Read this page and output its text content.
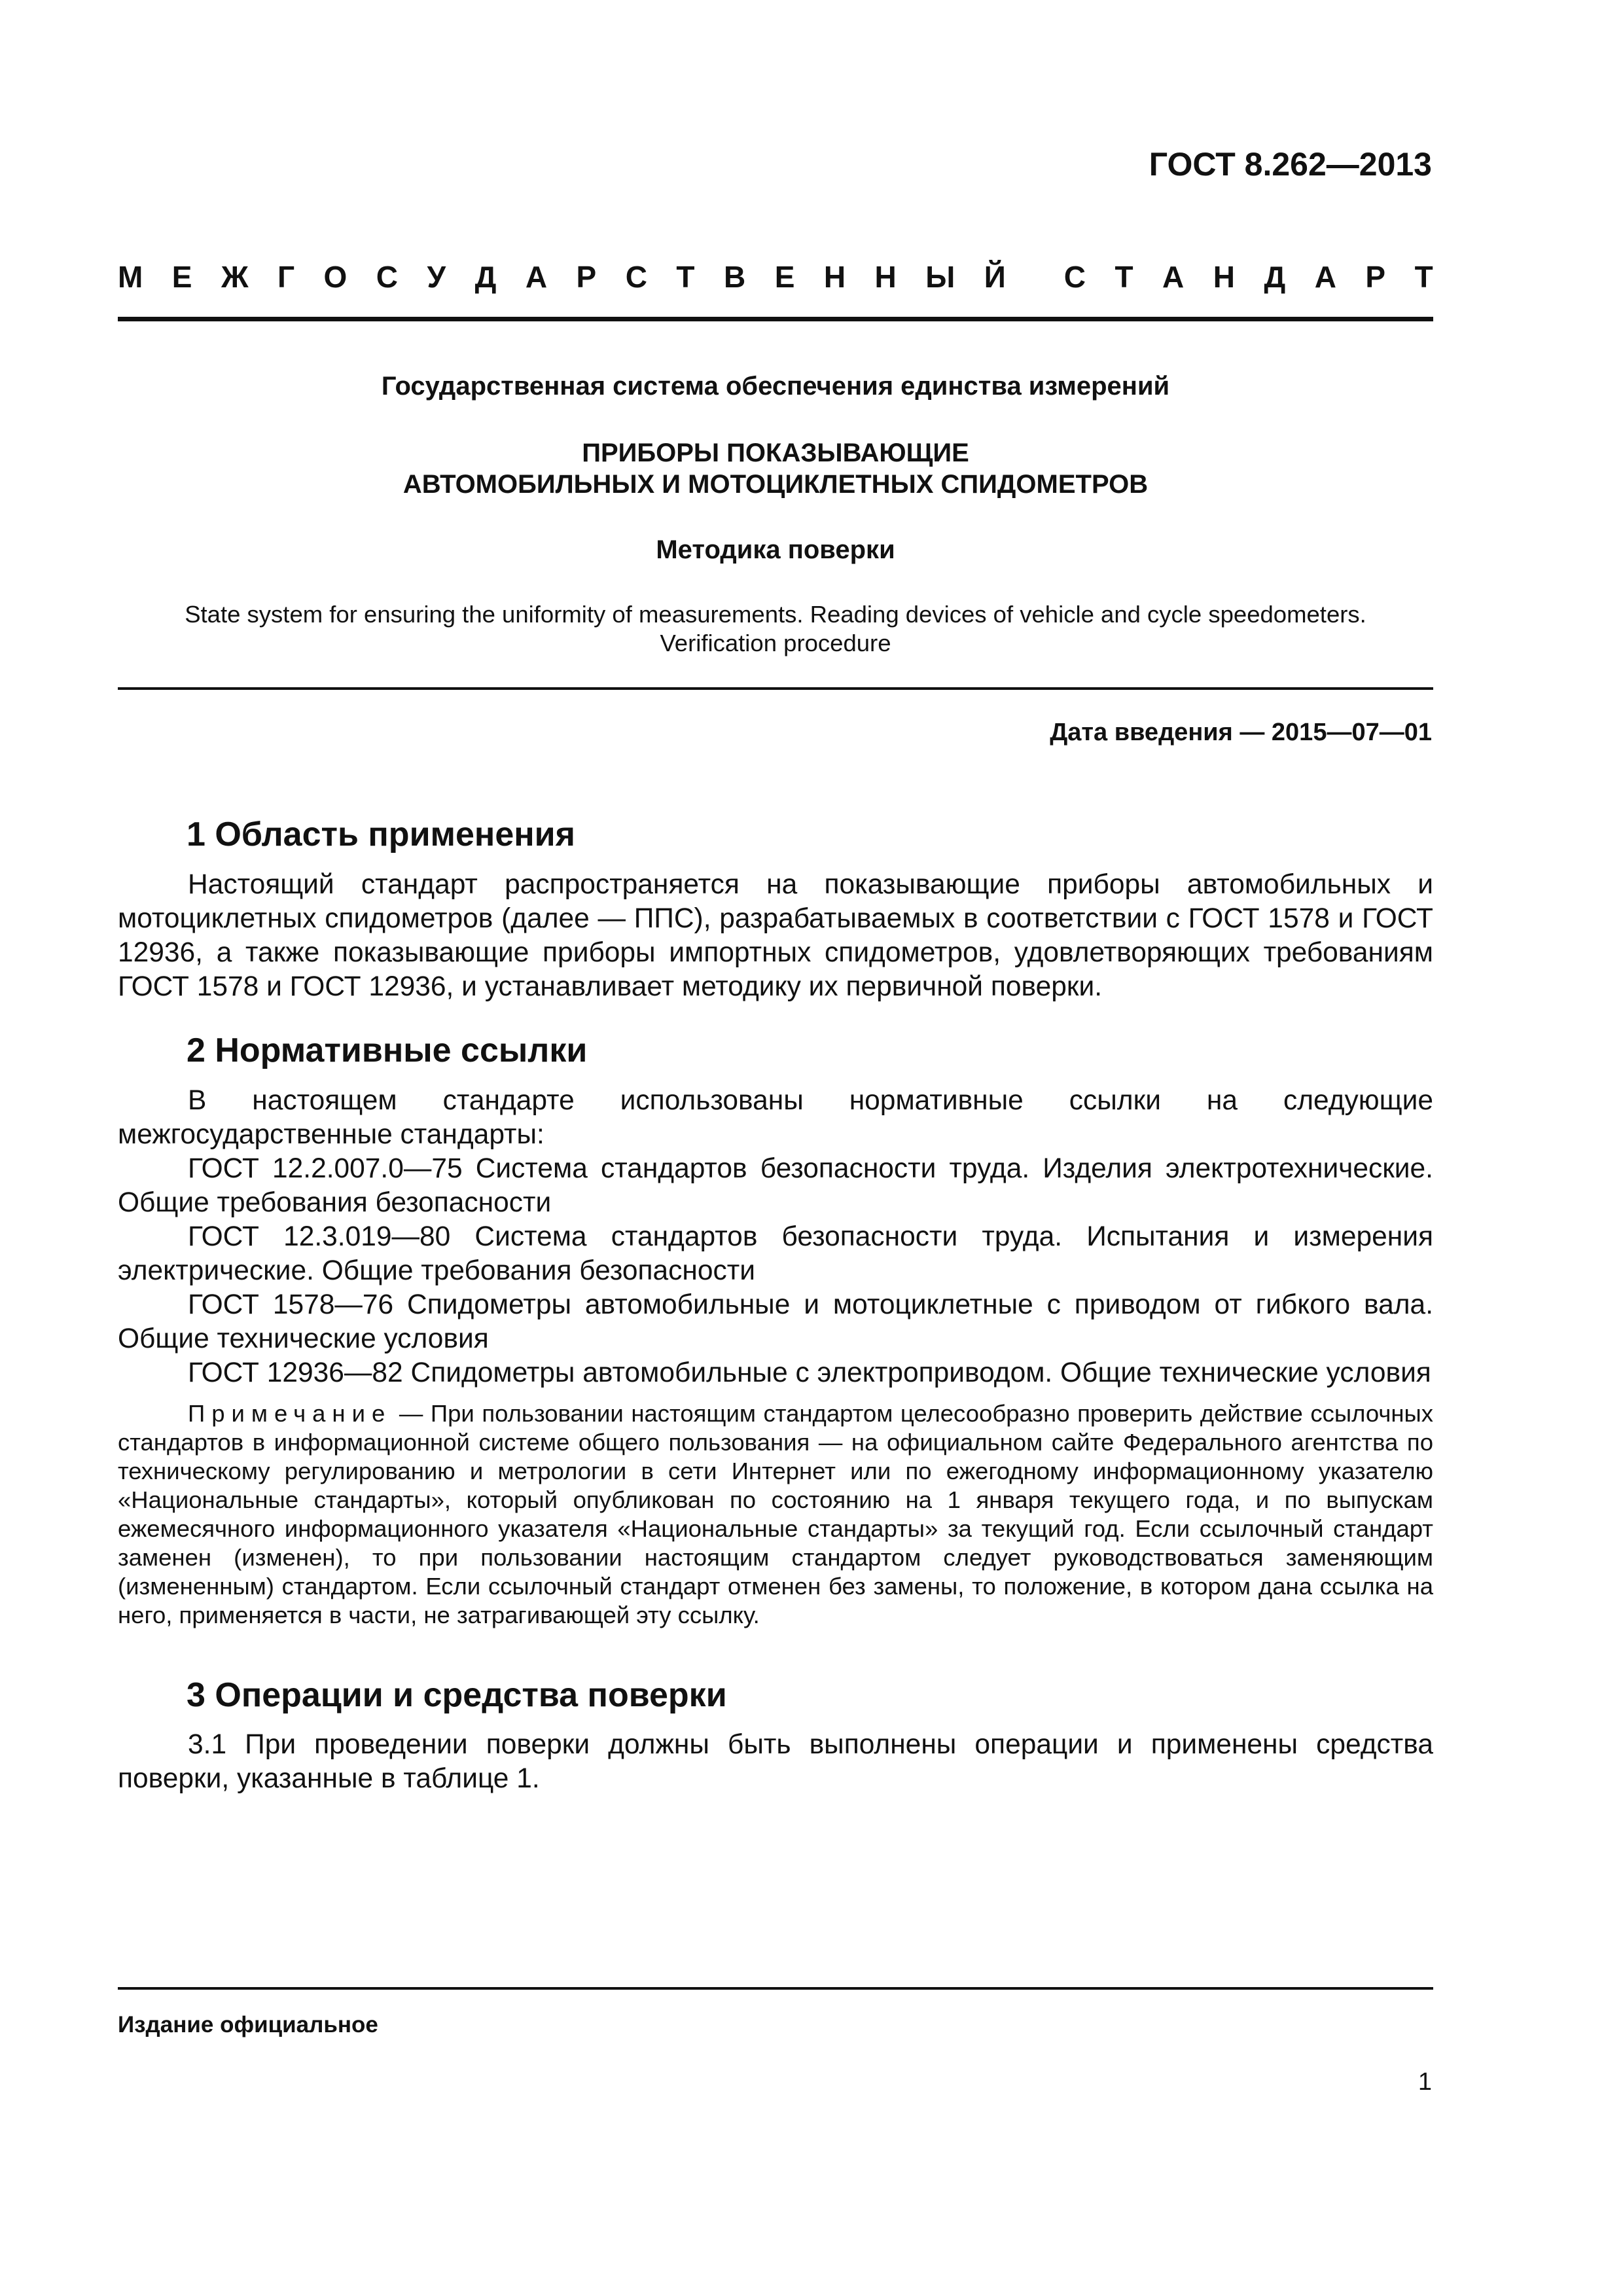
ГОСТ 8.262—2013
М Е Ж Г О С У Д А Р С Т В Е Н Н Ы Й С Т А Н Д А Р Т
Государственная система обеспечения единства измерений
ПРИБОРЫ ПОКАЗЫВАЮЩИЕ
АВТОМОБИЛЬНЫХ И МОТОЦИКЛЕТНЫХ СПИДОМЕТРОВ
Методика поверки
State system for ensuring the uniformity of measurements. Reading devices of vehicle and cycle speedometers.
Verification procedure
Дата введения — 2015—07—01
1 Область применения
Настоящий стандарт распространяется на показывающие приборы автомобильных и мотоциклетных спидометров (далее — ППС), разрабатываемых в соответствии с ГОСТ 1578 и ГОСТ 12936, а также показывающие приборы импортных спидометров, удовлетворяющих требованиям ГОСТ 1578 и ГОСТ 12936, и устанавливает методику их первичной поверки.
2 Нормативные ссылки
В настоящем стандарте использованы нормативные ссылки на следующие межгосударственные стандарты:
ГОСТ 12.2.007.0—75 Система стандартов безопасности труда. Изделия электротехнические. Общие требования безопасности
ГОСТ 12.3.019—80 Система стандартов безопасности труда. Испытания и измерения электрические. Общие требования безопасности
ГОСТ 1578—76 Спидометры автомобильные и мотоциклетные с приводом от гибкого вала. Общие технические условия
ГОСТ 12936—82 Спидометры автомобильные с электроприводом. Общие технические условия
Примечание — При пользовании настоящим стандартом целесообразно проверить действие ссылочных стандартов в информационной системе общего пользования — на официальном сайте Федерального агентства по техническому регулированию и метрологии в сети Интернет или по ежегодному информационному указателю «Национальные стандарты», который опубликован по состоянию на 1 января текущего года, и по выпускам ежемесячного информационного указателя «Национальные стандарты» за текущий год. Если ссылочный стандарт заменен (изменен), то при пользовании настоящим стандартом следует руководствоваться заменяющим (измененным) стандартом. Если ссылочный стандарт отменен без замены, то положение, в котором дана ссылка на него, применяется в части, не затрагивающей эту ссылку.
3 Операции и средства поверки
3.1 При проведении поверки должны быть выполнены операции и применены средства поверки, указанные в таблице 1.
Издание официальное
1
